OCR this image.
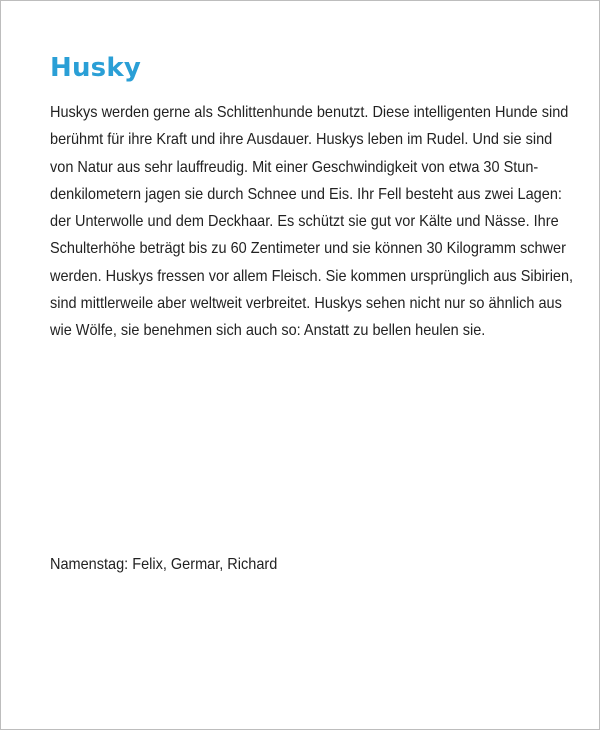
Husky

Huskys werden gerne als Schlittenhunde benutzt. Diese intelligenten Hunde sind
berühmt für ihre Kraft und ihre Ausdauer. Huskys leben im Rudel. Und sie sind
von Natur aus sehr lauffreudig. Mit einer Geschwindigkeit von etwa 30 Stun-
denkilometern jagen sie durch Schnee und Eis. Ihr Fell besteht aus zwei Lagen:
der Unterwolle und dem Deckhaar. Es schützt sie gut vor Kälte und Nässe. Ihre
Schulterhöhe beträgt bis zu 60 Zentimeter und sie können 30 Kilogramm schwer
werden. Huskys fressen vor allem Fleisch. Sie kommen ursprünglich aus Sibirien,
sind mittlerweile aber weltweit verbreitet. Huskys sehen nicht nur so ähnlich aus
wie Wölfe, sie benehmen sich auch so: Anstatt zu bellen heulen sie.

Namenstag: Felix, Germar, Richard
